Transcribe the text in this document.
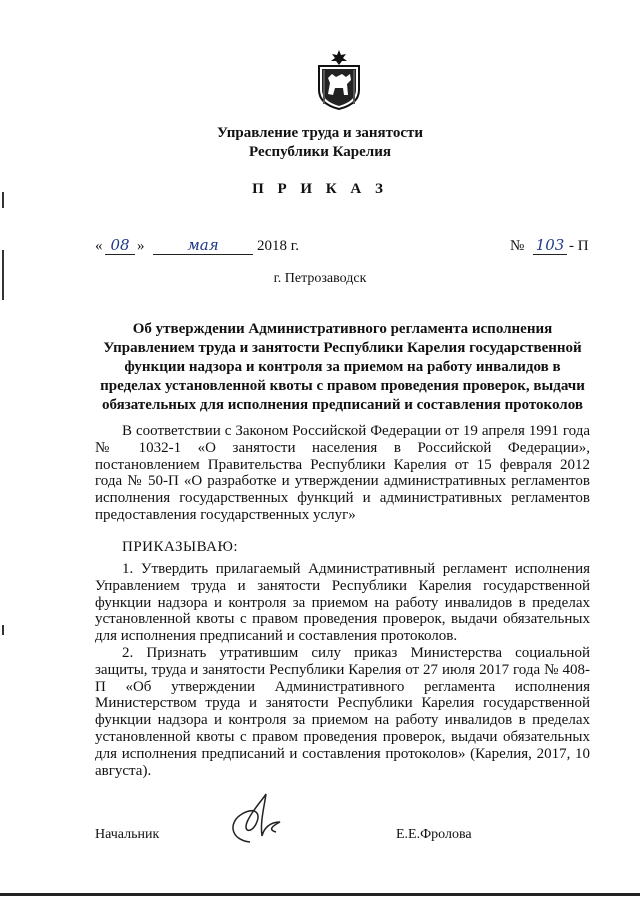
Управление труда и занятости
Республики Карелия
П Р И К А З
« 08 »	мая	2018 г.	№ 103 - П
г. Петрозаводск
Об утверждении Административного регламента исполнения Управлением труда и занятости Республики Карелия государственной функции надзора и контроля за приемом на работу инвалидов в пределах установленной квоты с правом проведения проверок, выдачи обязательных для исполнения предписаний и составления протоколов

В соответствии с Законом Российской Федерации от 19 апреля 1991 года № 1032-1 «О занятости населения в Российской Федерации», постановлением Правительства Республики Карелия от 15 февраля 2012 года № 50-П «О разработке и утверждении административных регламентов исполнения государственных функций и административных регламентов предоставления государственных услуг»

ПРИКАЗЫВАЮ:

1. Утвердить прилагаемый Административный регламент исполнения Управлением труда и занятости Республики Карелия государственной функции надзора и контроля за приемом на работу инвалидов в пределах установленной квоты с правом проведения проверок, выдачи обязательных для исполнения предписаний и составления протоколов.

2. Признать утратившим силу приказ Министерства социальной защиты, труда и занятости Республики Карелия от 27 июля 2017 года № 408-П «Об утверждении Административного регламента исполнения Министерством труда и занятости Республики Карелия государственной функции надзора и контроля за приемом на работу инвалидов в пределах установленной квоты с правом проведения проверок, выдачи обязательных для исполнения предписаний и составления протоколов» (Карелия, 2017, 10 августа).

Начальник	Е.Е.Фролова
